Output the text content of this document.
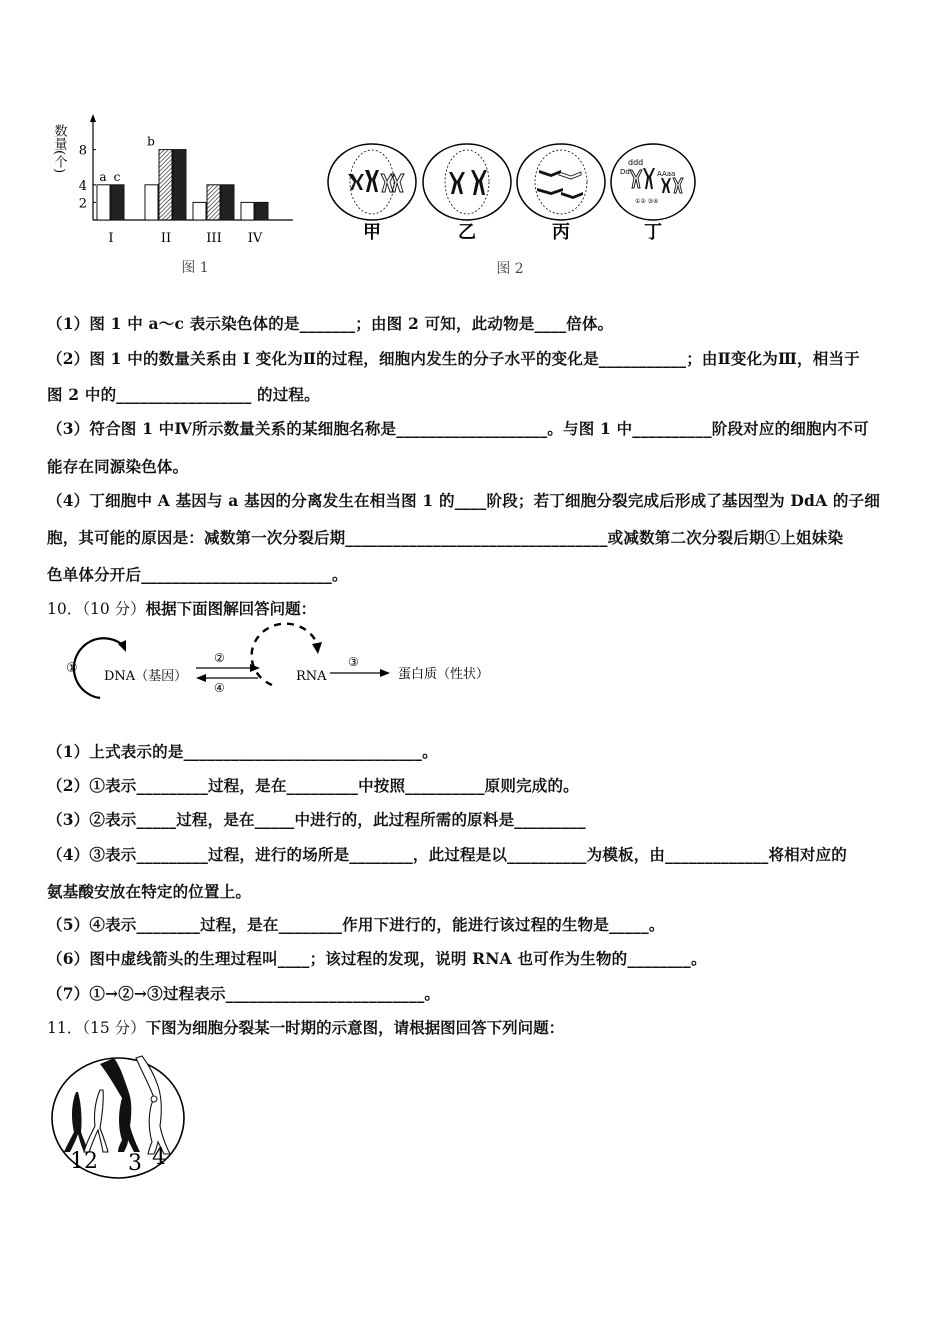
数量(个) 8
4
2
a c
b
I	II	III IV
图 1
甲	乙	丙
ddd
Dd	AAaa
①② ③④
丁
图 2
（1）图 1 中 a～c 表示染色体的是_______；由图 2 可知，此动物是____倍体。
（2）图 1 中的数量关系由 I 变化为Ⅱ的过程，细胞内发生的分子水平的变化是___________；由Ⅱ变化为Ⅲ，相当于
图 2 中的_________________ 的过程。
（3）符合图 1 中Ⅳ所示数量关系的某细胞名称是___________________。与图 1 中__________阶段对应的细胞内不可
能存在同源染色体。
（4）丁细胞中 A 基因与 a 基因的分离发生在相当图 1 的____阶段；若丁细胞分裂完成后形成了基因型为 DdA 的子细
胞，其可能的原因是：减数第一次分裂后期_________________________________或减数第二次分裂后期①上姐妹染
色单体分开后________________________。
10．（10 分）根据下面图解回答问题：
①
DNA（基因）
②
④
RNA
③
蛋白质（性状）
（1）上式表示的是______________________________。
（2）①表示_________过程，是在_________中按照__________原则完成的。
（3）②表示_____过程，是在_____中进行的，此过程所需的原料是_________
（4）③表示_________过程，进行的场所是________，此过程是以__________为模板，由_____________将相对应的
氨基酸安放在特定的位置上。
（5）④表示________过程，是在________作用下进行的，能进行该过程的生物是_____。
（6）图中虚线箭头的生理过程叫____；该过程的发现，说明 RNA 也可作为生物的________。
（7）①→②→③过程表示_________________________。
11．（15 分）下图为细胞分裂某一时期的示意图，请根据图回答下列问题：
1 2 3 4
